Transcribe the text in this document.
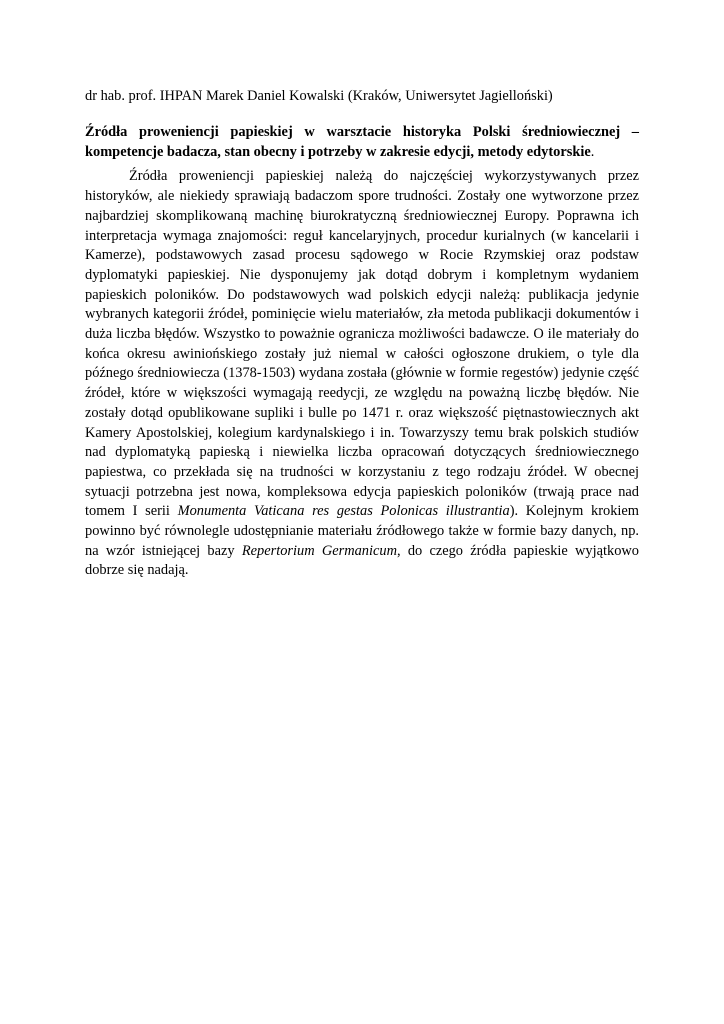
dr hab. prof. IHPAN Marek Daniel Kowalski (Kraków, Uniwersytet Jagielloński)

Źródła proweniencji papieskiej w warsztacie historyka Polski średniowiecznej – kompetencje badacza, stan obecny i potrzeby w zakresie edycji, metody edytorskie.

Źródła proweniencji papieskiej należą do najczęściej wykorzystywanych przez historyków, ale niekiedy sprawiają badaczom spore trudności. Zostały one wytworzone przez najbardziej skomplikowaną machinę biurokratyczną średniowiecznej Europy. Poprawna ich interpretacja wymaga znajomości: reguł kancelaryjnych, procedur kurialnych (w kancelarii i Kamerze), podstawowych zasad procesu sądowego w Rocie Rzymskiej oraz podstaw dyplomatyki papieskiej. Nie dysponujemy jak dotąd dobrym i kompletnym wydaniem papieskich poloników. Do podstawowych wad polskich edycji należą: publikacja jedynie wybranych kategorii źródeł, pominięcie wielu materiałów, zła metoda publikacji dokumentów i duża liczba błędów. Wszystko to poważnie ogranicza możliwości badawcze. O ile materiały do końca okresu awiniońskiego zostały już niemal w całości ogłoszone drukiem, o tyle dla późnego średniowiecza (1378-1503) wydana została (głównie w formie regestów) jedynie część źródeł, które w większości wymagają reedycji, ze względu na poważną liczbę błędów. Nie zostały dotąd opublikowane supliki i bulle po 1471 r. oraz większość piętnastowiecznych akt Kamery Apostolskiej, kolegium kardynalskiego i in. Towarzyszy temu brak polskich studiów nad dyplomatyką papieską i niewielka liczba opracowań dotyczących średniowiecznego papiestwa, co przekłada się na trudności w korzystaniu z tego rodzaju źródeł. W obecnej sytuacji potrzebna jest nowa, kompleksowa edycja papieskich poloników (trwają prace nad tomem I serii Monumenta Vaticana res gestas Polonicas illustrantia). Kolejnym krokiem powinno być równolegle udostępnianie materiału źródłowego także w formie bazy danych, np. na wzór istniejącej bazy Repertorium Germanicum, do czego źródła papieskie wyjątkowo dobrze się nadają.
